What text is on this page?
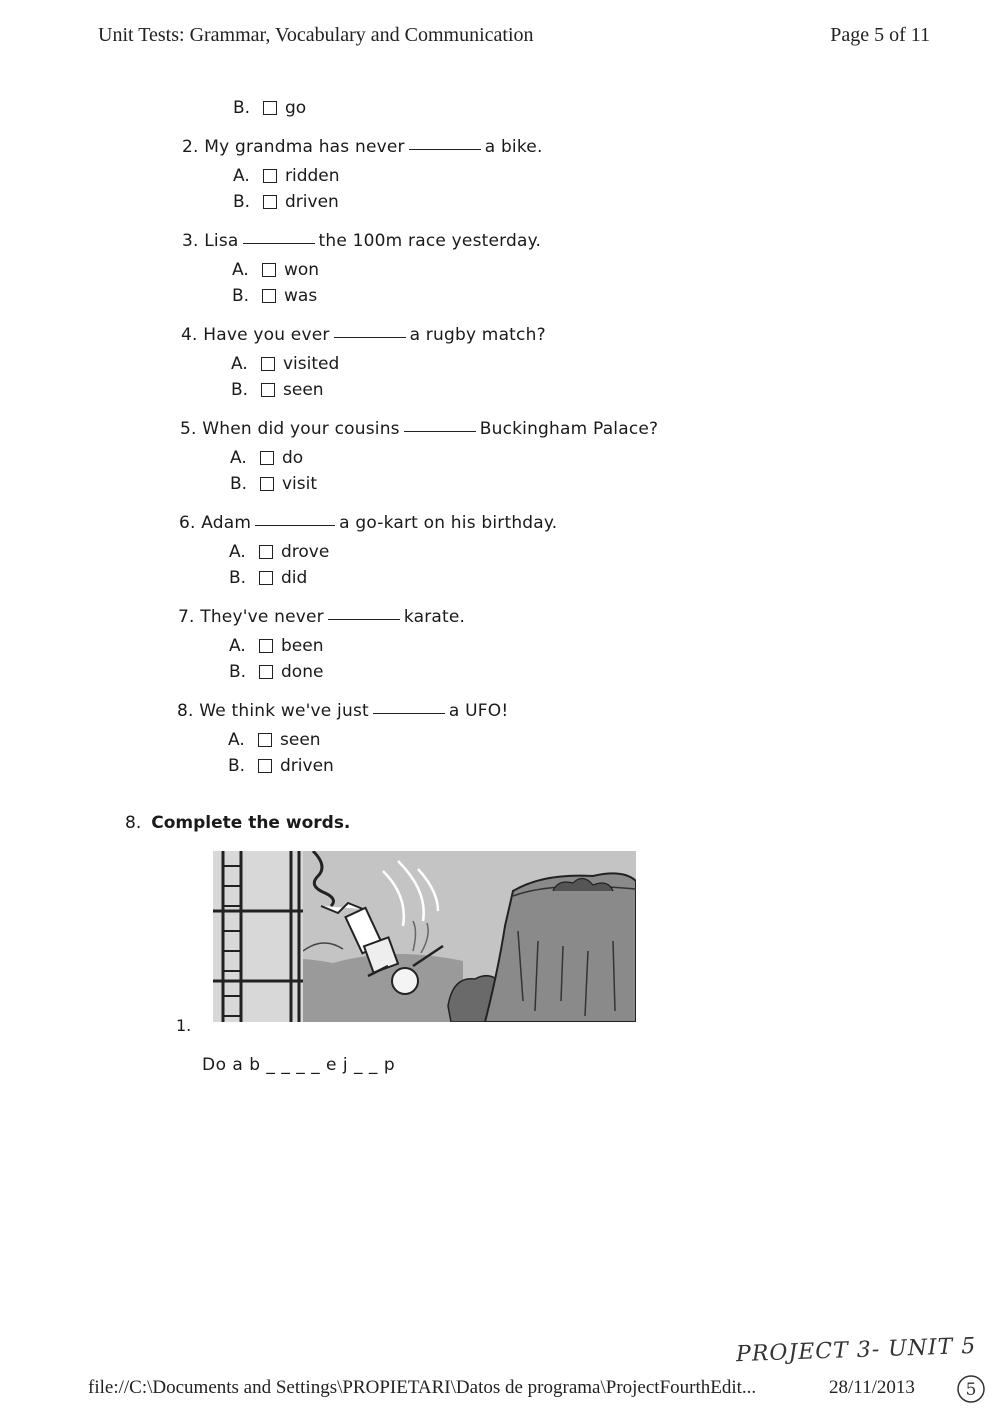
Unit Tests: Grammar, Vocabulary and Communication	Page 5 of 11
B.	go
2. My grandma has never	a bike.
A.	ridden
B.	driven
3. Lisa	the 100m race yesterday.
A.	won
B.	was
4. Have you ever	a rugby match?
A.	visited
B.	seen
5. When did your cousins	Buckingham Palace?
A.	do
B.	visit
6. Adam	a go-kart on his birthday.
A.	drove
B.	did
7. They've never	karate.
A.	been
B.	done
8. We think we've just	a UFO!
A.	seen
B.	driven
8. Complete the words.
1.
Do a b _ _ _ _ e j _ _ p
PROJECT 3- UNIT 5
file://C:\Documents and Settings\PROPIETARI\Datos de programa\ProjectFourthEdit...	28/11/2013	5
